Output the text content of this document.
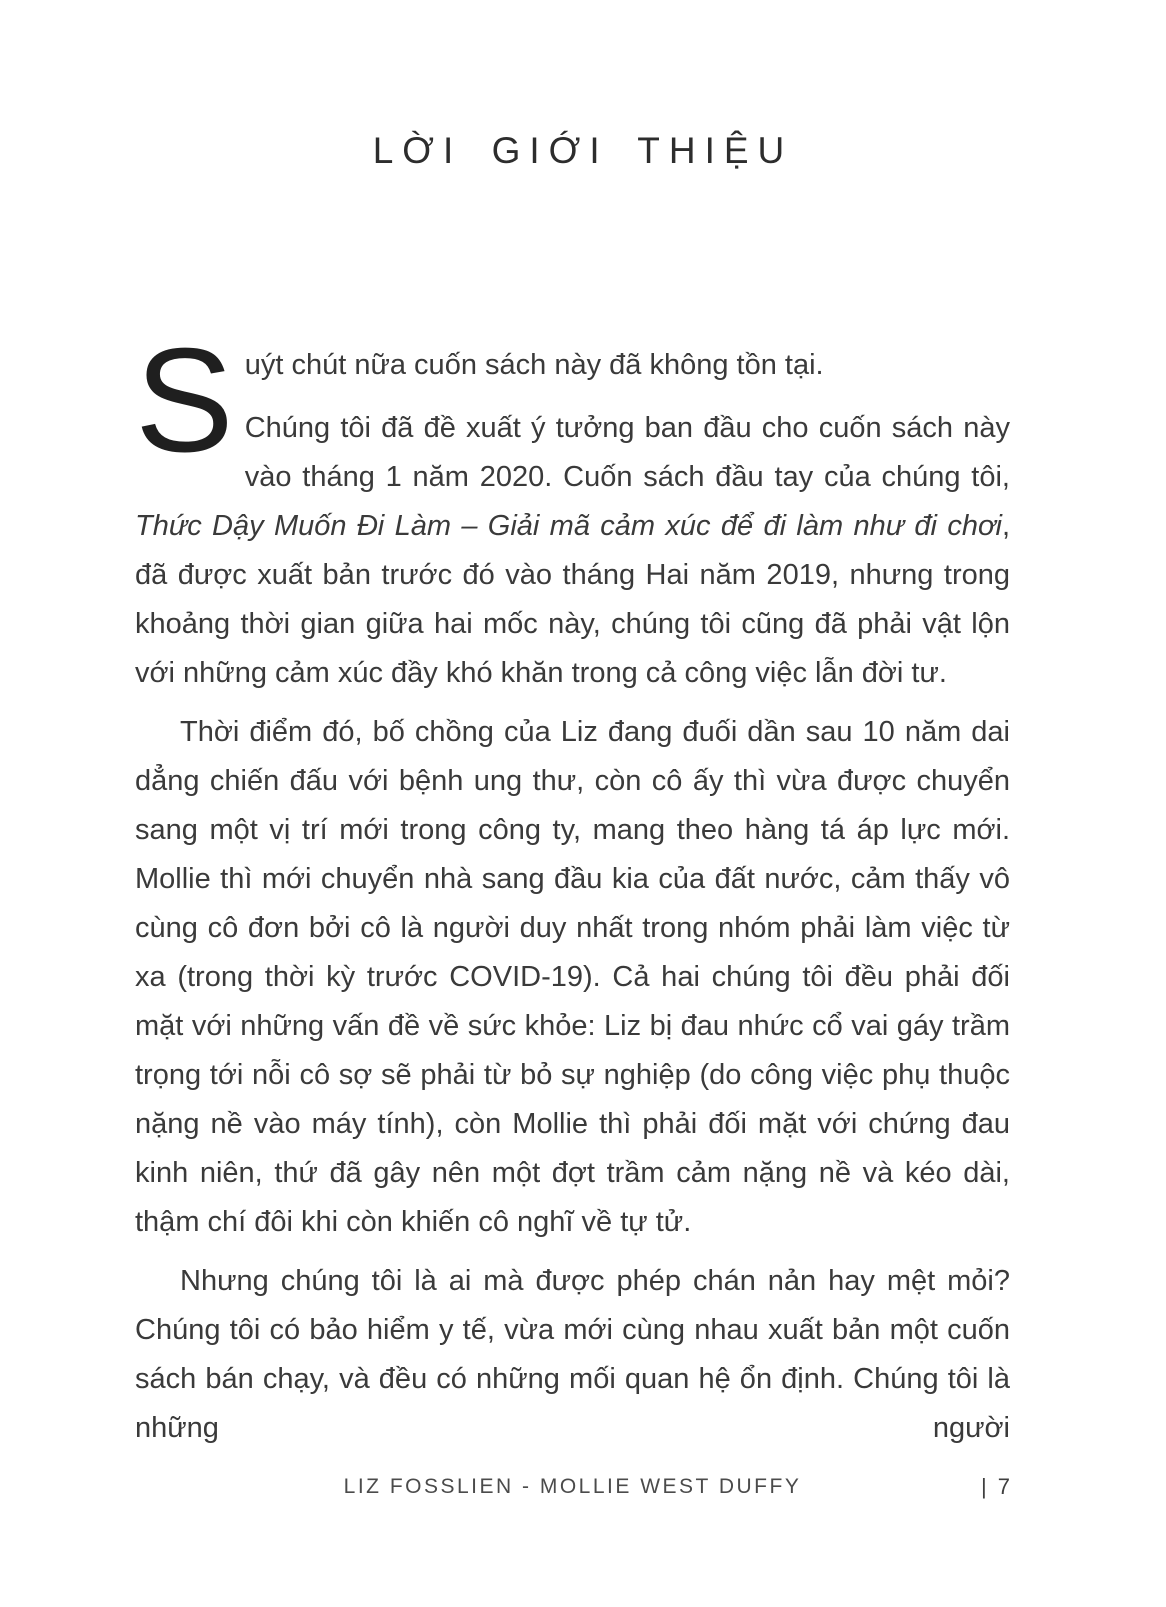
LỜI GIỚI THIỆU

Suýt chút nữa cuốn sách này đã không tồn tại.

Chúng tôi đã đề xuất ý tưởng ban đầu cho cuốn sách này vào tháng 1 năm 2020. Cuốn sách đầu tay của chúng tôi, Thức Dậy Muốn Đi Làm – Giải mã cảm xúc để đi làm như đi chơi, đã được xuất bản trước đó vào tháng Hai năm 2019, nhưng trong khoảng thời gian giữa hai mốc này, chúng tôi cũng đã phải vật lộn với những cảm xúc đầy khó khăn trong cả công việc lẫn đời tư.

Thời điểm đó, bố chồng của Liz đang đuối dần sau 10 năm dai dẳng chiến đấu với bệnh ung thư, còn cô ấy thì vừa được chuyển sang một vị trí mới trong công ty, mang theo hàng tá áp lực mới. Mollie thì mới chuyển nhà sang đầu kia của đất nước, cảm thấy vô cùng cô đơn bởi cô là người duy nhất trong nhóm phải làm việc từ xa (trong thời kỳ trước COVID-19). Cả hai chúng tôi đều phải đối mặt với những vấn đề về sức khỏe: Liz bị đau nhức cổ vai gáy trầm trọng tới nỗi cô sợ sẽ phải từ bỏ sự nghiệp (do công việc phụ thuộc nặng nề vào máy tính), còn Mollie thì phải đối mặt với chứng đau kinh niên, thứ đã gây nên một đợt trầm cảm nặng nề và kéo dài, thậm chí đôi khi còn khiến cô nghĩ về tự tử.

Nhưng chúng tôi là ai mà được phép chán nản hay mệt mỏi? Chúng tôi có bảo hiểm y tế, vừa mới cùng nhau xuất bản một cuốn sách bán chạy, và đều có những mối quan hệ ổn định. Chúng tôi là những người

LIZ FOSSLIEN - MOLLIE WEST DUFFY	| 7
